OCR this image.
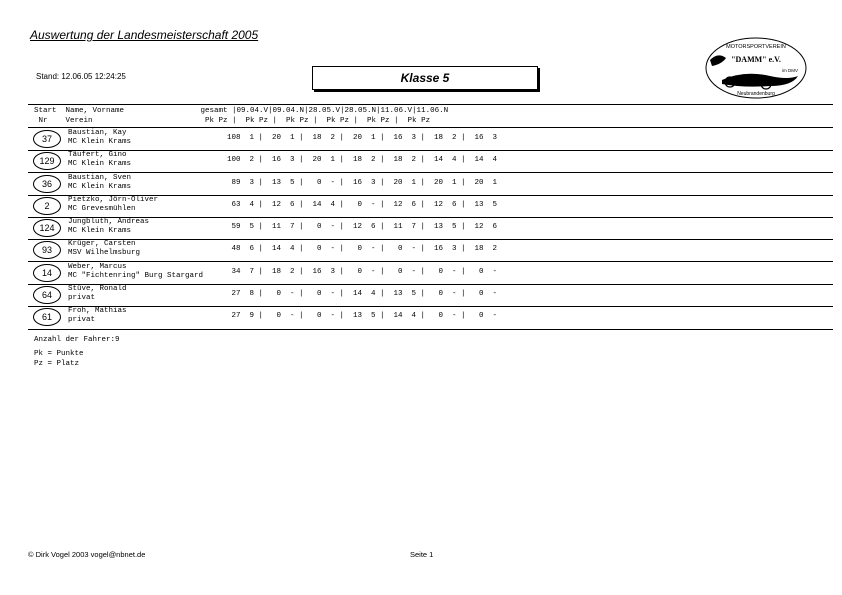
Auswertung der Landesmeisterschaft 2005
Stand: 12.06.05 12:24:25	Klasse 5
MOTORSPORTVEREIN
"DAMM" e.V.
im DMV
Neubrandenburg
Start  Name, Vorname                 gesamt |09.04.V|09.04.N|28.05.V|28.05.N|11.06.V|11.06.N
Nr    Verein                         Pk Pz |  Pk Pz |  Pk Pz |  Pk Pz |  Pk Pz |  Pk Pz
37
Baustian, Kay
MC Klein Krams	108  1 |  20  1 |  18  2 |  20  1 |  16  3 |  18  2 |  16  3
129
Täufert, Gino
MC Klein Krams	100  2 |  16  3 |  20  1 |  18  2 |  18  2 |  14  4 |  14  4
36
Baustian, Sven
MC Klein Krams	89  3 |  13  5 |   0  - |  16  3 |  20  1 |  20  1 |  20  1
2
Pietzko, Jörn-Oliver
MC Grevesmühlen	63  4 |  12  6 |  14  4 |   0  - |  12  6 |  12  6 |  13  5
124
Jungbluth, Andreas
MC Klein Krams	59  5 |  11  7 |   0  - |  12  6 |  11  7 |  13  5 |  12  6
93
Krüger, Carsten
MSV Wilhelmsburg	48  6 |  14  4 |   0  - |   0  - |   0  - |  16  3 |  18  2
14
Weber, Marcus
MC "Fichtenring" Burg Stargard	34  7 |  18  2 |  16  3 |   0  - |   0  - |   0  - |   0  -
64
Stüve, Ronald
privat	27  8 |   0  - |   0  - |  14  4 |  13  5 |   0  - |   0  -
61
Froh, Mathias
privat	27  9 |   0  - |   0  - |  13  5 |  14  4 |   0  - |   0  -
Anzahl der Fahrer:9
Pk = Punkte
Pz = Platz
© Dirk Vogel 2003 vogel@nbnet.de	Seite 1
